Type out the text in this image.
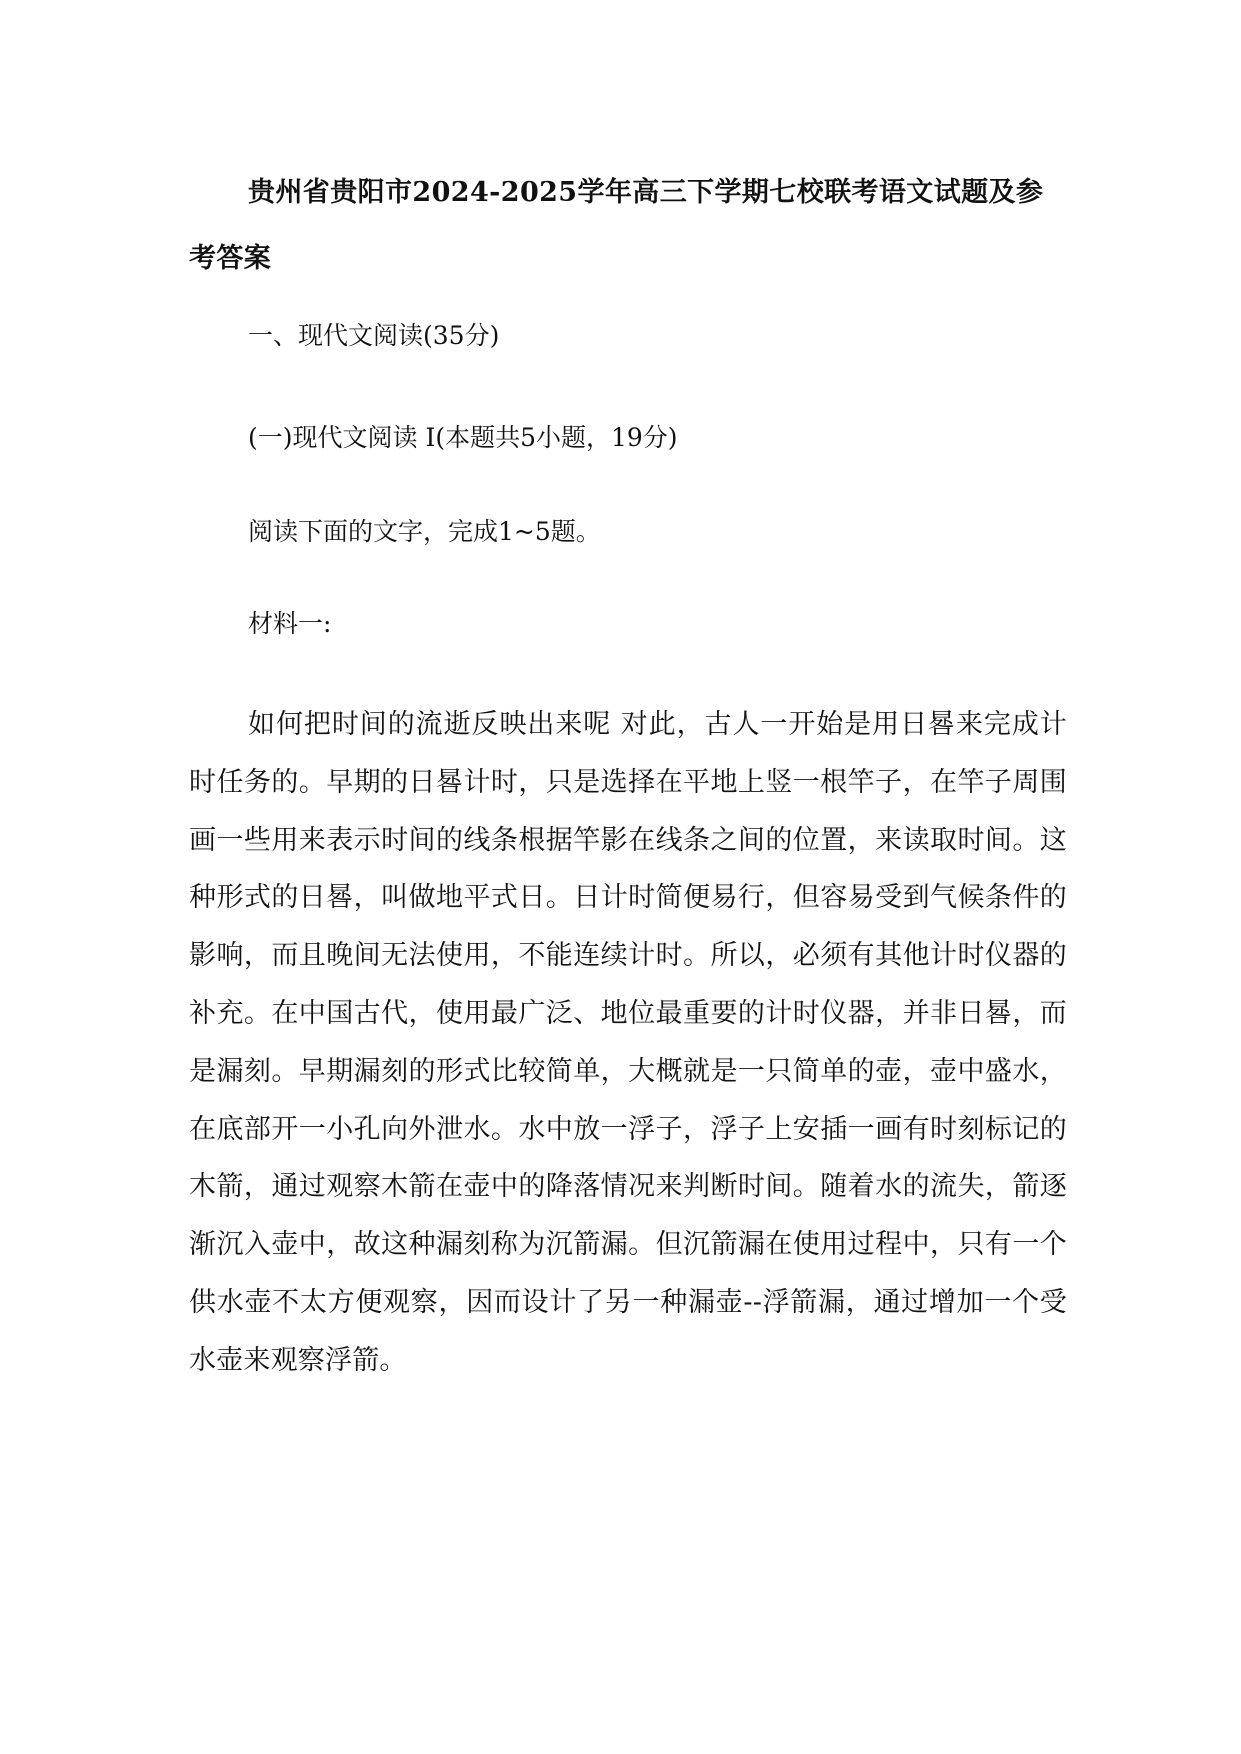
贵州省贵阳市2024-2025学年高三下学期七校联考语文试题及参考答案

一、现代文阅读(35分)

(一)现代文阅读 I(本题共5小题，19分)

阅读下面的文字，完成1~5题。

材料一:

如何把时间的流逝反映出来呢 对此，古人一开始是用日晷来完成计时任务的。早期的日晷计时，只是选择在平地上竖一根竿子，在竿子周围画一些用来表示时间的线条根据竿影在线条之间的位置，来读取时间。这种形式的日晷，叫做地平式日。日计时简便易行，但容易受到气候条件的影响，而且晚间无法使用，不能连续计时。所以，必须有其他计时仪器的补充。在中国古代，使用最广泛、地位最重要的计时仪器，并非日晷，而是漏刻。早期漏刻的形式比较简单，大概就是一只简单的壶，壶中盛水，在底部开一小孔向外泄水。水中放一浮子，浮子上安插一画有时刻标记的木箭，通过观察木箭在壶中的降落情况来判断时间。随着水的流失，箭逐渐沉入壶中，故这种漏刻称为沉箭漏。但沉箭漏在使用过程中，只有一个供水壶不太方便观察，因而设计了另一种漏壶--浮箭漏，通过增加一个受水壶来观察浮箭。
